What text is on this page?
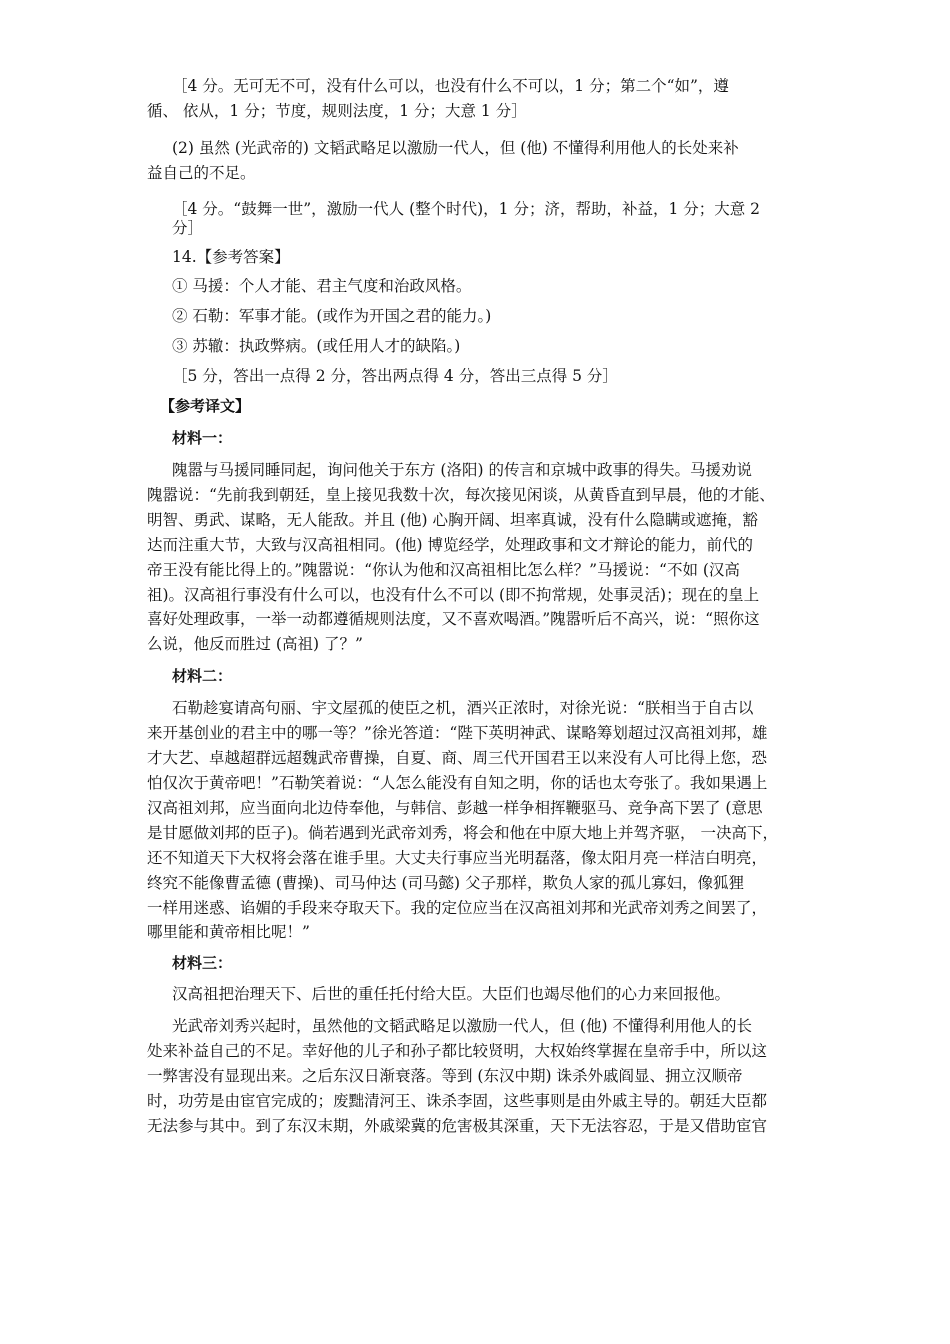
［4 分。无可无不可，没有什么可以，也没有什么不可以，1 分；第二个“如”，遵
循、 依从，1 分；节度，规则法度，1 分；大意 1 分］
(2) 虽然 (光武帝的) 文韬武略足以激励一代人，但 (他) 不懂得利用他人的长处来补
益自己的不足。
［4 分。“鼓舞一世”，激励一代人 (整个时代)，1 分；济，帮助，补益，1 分；大意 2
分］
14.【参考答案】
① 马援：个人才能、君主气度和治政风格。
② 石勒：军事才能。(或作为开国之君的能力。)
③ 苏辙：执政弊病。(或任用人才的缺陷。)
［5 分，答出一点得 2 分，答出两点得 4 分，答出三点得 5 分］
【参考译文】
材料一：
隗嚣与马援同睡同起，询问他关于东方 (洛阳) 的传言和京城中政事的得失。马援劝说
隗嚣说：“先前我到朝廷，皇上接见我数十次，每次接见闲谈，从黄昏直到早晨，他的才能、
明智、勇武、谋略，无人能敌。并且 (他) 心胸开阔、坦率真诚，没有什么隐瞒或遮掩，豁
达而注重大节，大致与汉高祖相同。(他) 博览经学，处理政事和文才辩论的能力，前代的
帝王没有能比得上的。”隗嚣说：“你认为他和汉高祖相比怎么样？”马援说：“不如 (汉高
祖)。汉高祖行事没有什么可以，也没有什么不可以 (即不拘常规，处事灵活)；现在的皇上
喜好处理政事，一举一动都遵循规则法度，又不喜欢喝酒。”隗嚣听后不高兴，说：“照你这
么说，他反而胜过 (高祖) 了？”
材料二：
石勒趁宴请高句丽、宇文屋孤的使臣之机，酒兴正浓时，对徐光说：“朕相当于自古以
来开基创业的君主中的哪一等？”徐光答道：“陛下英明神武、谋略筹划超过汉高祖刘邦，雄
才大艺、卓越超群远超魏武帝曹操，自夏、商、周三代开国君王以来没有人可比得上您，恐
怕仅次于黄帝吧！”石勒笑着说：“人怎么能没有自知之明，你的话也太夸张了。我如果遇上
汉高祖刘邦，应当面向北边侍奉他，与韩信、彭越一样争相挥鞭驱马、竞争高下罢了 (意思
是甘愿做刘邦的臣子)。倘若遇到光武帝刘秀，将会和他在中原大地上并驾齐驱， 一决高下，
还不知道天下大权将会落在谁手里。大丈夫行事应当光明磊落，像太阳月亮一样洁白明亮，
终究不能像曹孟德 (曹操)、司马仲达 (司马懿) 父子那样，欺负人家的孤儿寡妇，像狐狸
一样用迷惑、谄媚的手段来夺取天下。我的定位应当在汉高祖刘邦和光武帝刘秀之间罢了，
哪里能和黄帝相比呢！”
材料三：
汉高祖把治理天下、后世的重任托付给大臣。大臣们也竭尽他们的心力来回报他。
光武帝刘秀兴起时，虽然他的文韬武略足以激励一代人，但 (他) 不懂得利用他人的长
处来补益自己的不足。幸好他的儿子和孙子都比较贤明，大权始终掌握在皇帝手中，所以这
一弊害没有显现出来。之后东汉日渐衰落。等到 (东汉中期) 诛杀外戚阎显、拥立汉顺帝
时，功劳是由宦官完成的；废黜清河王、诛杀李固，这些事则是由外戚主导的。朝廷大臣都
无法参与其中。到了东汉末期，外戚梁冀的危害极其深重，天下无法容忍，于是又借助宦官
